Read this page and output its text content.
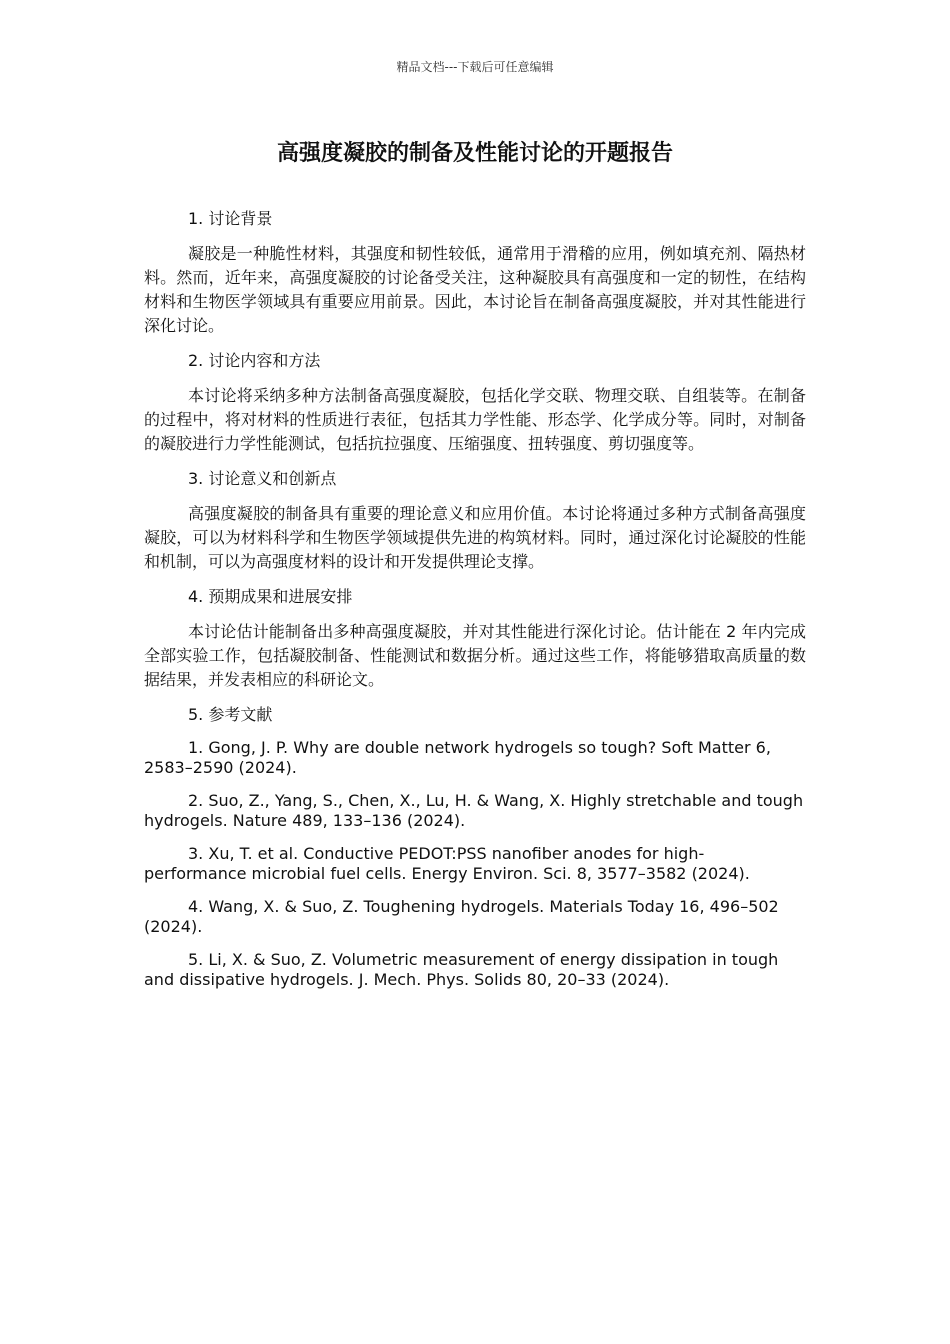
精品文档---下载后可任意编辑
高强度凝胶的制备及性能讨论的开题报告

1. 讨论背景

凝胶是一种脆性材料，其强度和韧性较低，通常用于滑稽的应用，例如填充剂、隔热材料。然而，近年来，高强度凝胶的讨论备受关注，这种凝胶具有高强度和一定的韧性，在结构材料和生物医学领域具有重要应用前景。因此，本讨论旨在制备高强度凝胶，并对其性能进行深化讨论。

2. 讨论内容和方法

本讨论将采纳多种方法制备高强度凝胶，包括化学交联、物理交联、自组装等。在制备的过程中，将对材料的性质进行表征，包括其力学性能、形态学、化学成分等。同时，对制备的凝胶进行力学性能测试，包括抗拉强度、压缩强度、扭转强度、剪切强度等。

3. 讨论意义和创新点

高强度凝胶的制备具有重要的理论意义和应用价值。本讨论将通过多种方式制备高强度凝胶，可以为材料科学和生物医学领域提供先进的构筑材料。同时，通过深化讨论凝胶的性能和机制，可以为高强度材料的设计和开发提供理论支撑。

4. 预期成果和进展安排

本讨论估计能制备出多种高强度凝胶，并对其性能进行深化讨论。估计能在 2 年内完成全部实验工作，包括凝胶制备、性能测试和数据分析。通过这些工作，将能够猎取高质量的数据结果，并发表相应的科研论文。

5. 参考文献

1. Gong, J. P. Why are double network hydrogels so tough? Soft Matter 6, 2583–2590 (2024).

2. Suo, Z., Yang, S., Chen, X., Lu, H. & Wang, X. Highly stretchable and tough hydrogels. Nature 489, 133–136 (2024).

3. Xu, T. et al. Conductive PEDOT:PSS nanofiber anodes for high-performance microbial fuel cells. Energy Environ. Sci. 8, 3577–3582 (2024).

4. Wang, X. & Suo, Z. Toughening hydrogels. Materials Today 16, 496–502 (2024).

5. Li, X. & Suo, Z. Volumetric measurement of energy dissipation in tough and dissipative hydrogels. J. Mech. Phys. Solids 80, 20–33 (2024).
